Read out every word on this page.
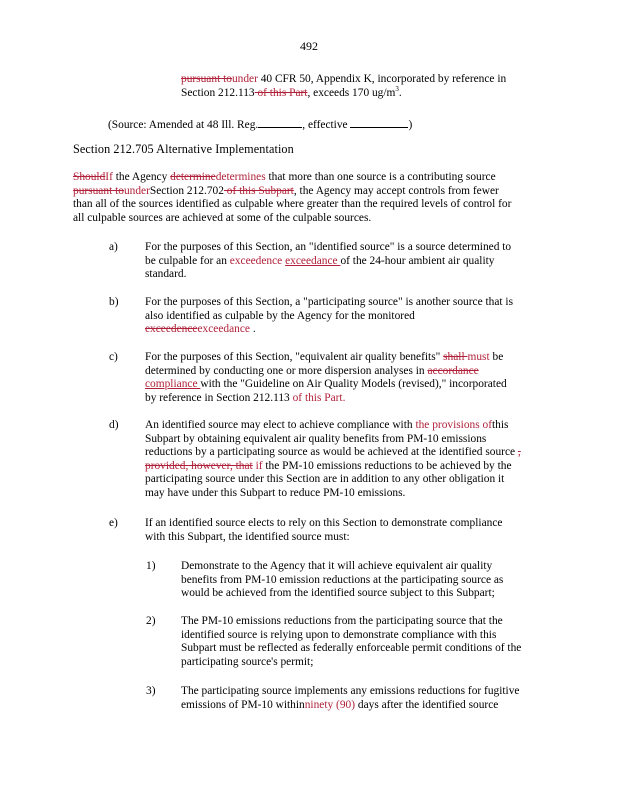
492
pursuant tounder 40 CFR 50, Appendix K, incorporated by reference in
Section 212.113 of this Part, exceeds 170 $ug/m^3$.
(Source: Amended at 48 Ill. Reg.	, effective	)
Section 212.705 Alternative Implementation
ShouldIf the Agency determinedetermines that more than one source is a contributing source
pursuant tounderSection 212.702 of this Subpart, the Agency may accept controls from fewer
than all of the sources identified as culpable where greater than the required levels of control for
all culpable sources are achieved at some of the culpable sources.
a) For the purposes of this Section, an "identified source" is a source determined to
be culpable for an exceedence exceedance of the 24-hour ambient air quality
standard.
b) For the purposes of this Section, a "participating source" is another source that is
also identified as culpable by the Agency for the monitored
exceedenceexceedance .
c) For the purposes of this Section, "equivalent air quality benefits" shall must be
determined by conducting one or more dispersion analyses in accordance
compliance with the "Guideline on Air Quality Models (revised)," incorporated
by reference in Section 212.113 of this Part.
d) An identified source may elect to achieve compliance with the provisions ofthis
Subpart by obtaining equivalent air quality benefits from PM-10 emissions
reductions by a participating source as would be achieved at the identified source ,
provided, however, that if the PM-10 emissions reductions to be achieved by the
participating source under this Section are in addition to any other obligation it
may have under this Subpart to reduce PM-10 emissions.
e) If an identified source elects to rely on this Section to demonstrate compliance
with this Subpart, the identified source must:
1) Demonstrate to the Agency that it will achieve equivalent air quality
benefits from PM-10 emission reductions at the participating source as
would be achieved from the identified source subject to this Subpart;
2) The PM-10 emissions reductions from the participating source that the
identified source is relying upon to demonstrate compliance with this
Subpart must be reflected as federally enforceable permit conditions of the
participating source's permit;
3) The participating source implements any emissions reductions for fugitive
emissions of PM-10 withinninety (90) days after the identified source
